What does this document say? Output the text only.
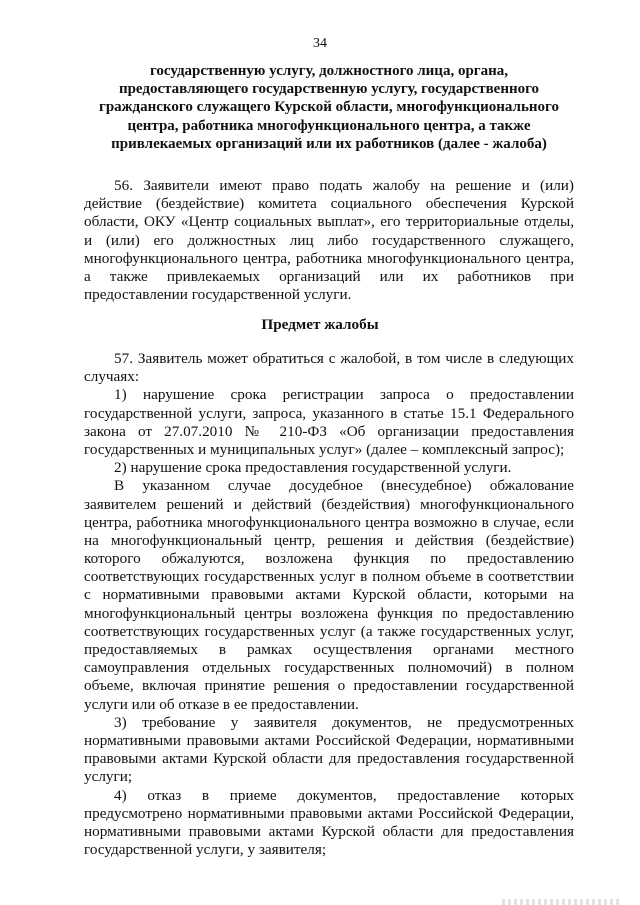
34
государственную услугу, должностного лица, органа,
предоставляющего государственную услугу, государственного
гражданского служащего Курской области, многофункционального
центра, работника многофункционального центра, а также
привлекаемых организаций или их работников (далее - жалоба)
56. Заявители имеют право подать жалобу на решение и (или)
действие (бездействие) комитета социального обеспечения Курской
области, ОКУ «Центр социальных выплат», его территориальные отделы,
и (или) его должностных лиц либо государственного служащего,
многофункционального центра, работника многофункционального центра,
а также привлекаемых организаций или их работников при
предоставлении государственной услуги.
Предмет жалобы
57. Заявитель может обратиться с жалобой, в том числе в следующих
случаях:
1) нарушение срока регистрации запроса о предоставлении
государственной услуги, запроса, указанного в статье 15.1 Федерального
закона от 27.07.2010 № 210-ФЗ «Об организации предоставления
государственных и муниципальных услуг» (далее – комплексный запрос);
2) нарушение срока предоставления государственной услуги.
В указанном случае досудебное (внесудебное) обжалование
заявителем решений и действий (бездействия) многофункционального
центра, работника многофункционального центра возможно в случае, если
на многофункциональный центр, решения и действия (бездействие)
которого обжалуются, возложена функция по предоставлению
соответствующих государственных услуг в полном объеме в соответствии
с нормативными правовыми актами Курской области, которыми на
многофункциональный центры возложена функция по предоставлению
соответствующих государственных услуг (а также государственных услуг,
предоставляемых в рамках осуществления органами местного
самоуправления отдельных государственных полномочий) в полном
объеме, включая принятие решения о предоставлении государственной
услуги или об отказе в ее предоставлении.
3) требование у заявителя документов, не предусмотренных
нормативными правовыми актами Российской Федерации, нормативными
правовыми актами Курской области для предоставления государственной
услуги;
4) отказ в приеме документов, предоставление которых
предусмотрено нормативными правовыми актами Российской Федерации,
нормативными правовыми актами Курской области для предоставления
государственной услуги, у заявителя;
